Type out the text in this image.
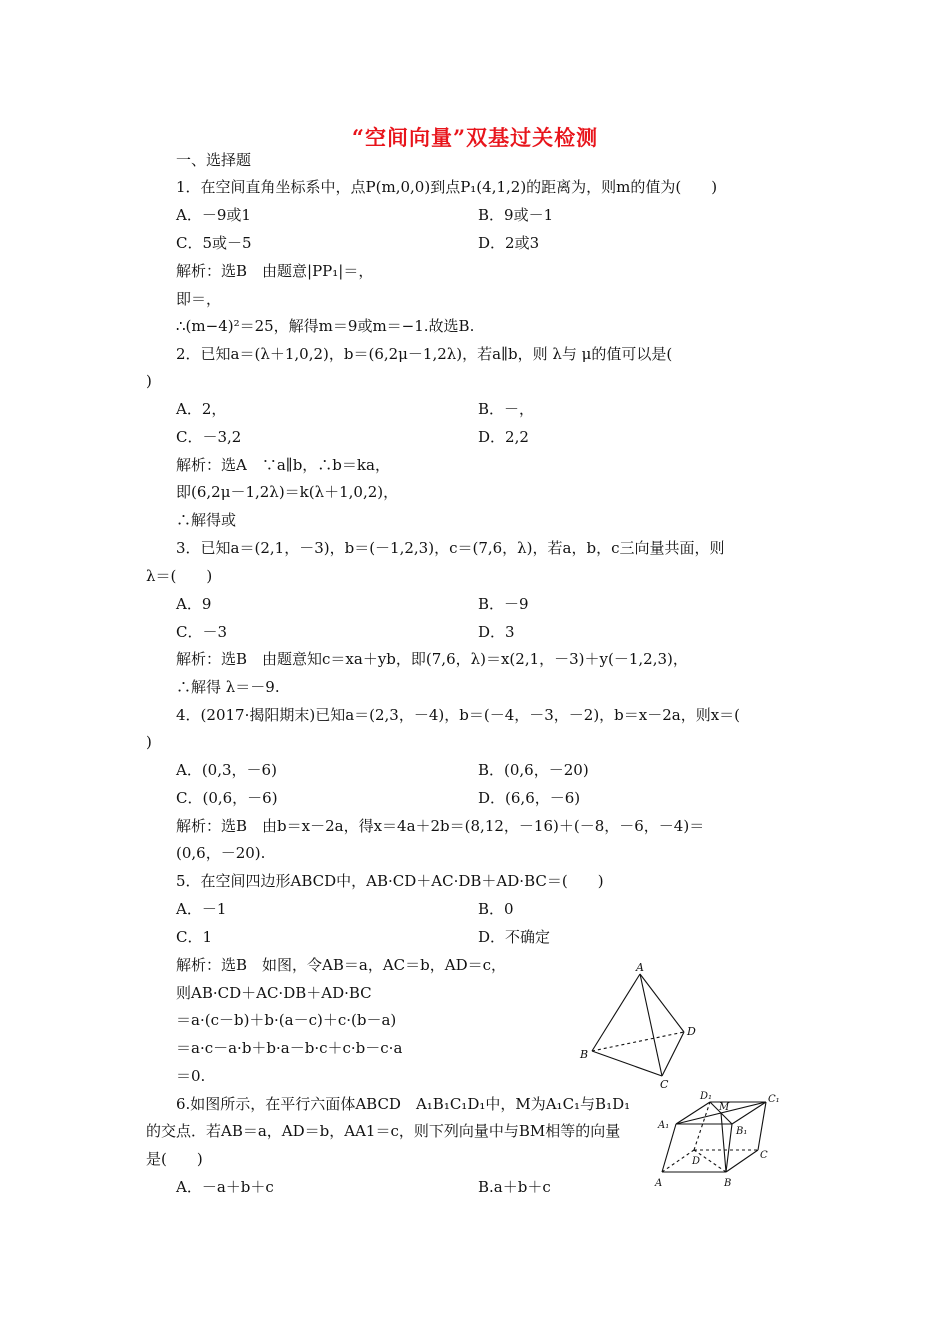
“空间向量”双基过关检测
一、选择题
1．在空间直角坐标系中，点P(m,0,0)到点P₁(4,1,2)的距离为，则m的值为(　　)
A．－9或1	B．9或－1
C．5或－5	D．2或3
解析：选B　由题意|PP₁|＝，
即＝，
∴(m−4)²＝25，解得m＝9或m＝−1.故选B.
2．已知a＝(λ＋1,0,2)，b＝(6,2μ－1,2λ)，若a∥b，则 λ与 μ的值可以是(
)
A．2，	B．－，
C．－3,2	D．2,2
解析：选A　∵a∥b，∴b＝ka，
即(6,2μ－1,2λ)＝k(λ＋1,0,2)，
∴解得或
3．已知a＝(2,1，－3)，b＝(－1,2,3)，c＝(7,6，λ)，若a，b，c三向量共面，则
λ＝(　　)
A．9	B．－9
C．－3	D．3
解析：选B　由题意知c＝xa＋yb，即(7,6，λ)＝x(2,1，－3)＋y(－1,2,3)，
∴解得 λ＝－9.
4．(2017·揭阳期末)已知a＝(2,3，－4)，b＝(－4，－3，－2)，b＝x－2a，则x＝(
)
A．(0,3，－6)	B．(0,6，－20)
C．(0,6，－6)	D．(6,6，－6)
解析：选B　由b＝x－2a，得x＝4a＋2b＝(8,12，－16)＋(－8，－6，－4)＝
(0,6，－20).
5．在空间四边形ABCD中，AB·CD＋AC·DB＋AD·BC＝(　　)
A．－1	B．0
C．1	D．不确定
解析：选B　如图，令AB＝a，AC＝b，AD＝c，
则AB·CD＋AC·DB＋AD·BC
＝a·(c－b)＋b·(a－c)＋c·(b－a)
＝a·c－a·b＋b·a－b·c＋c·b－c·a
＝0.
A
B
C
D
6.如图所示，在平行六面体ABCD　A₁B₁C₁D₁中，M为A₁C₁与B₁D₁
的交点．若AB＝a，AD＝b，AA1＝c，则下列向量中与BM相等的向量
是(　　)
A．－a＋b＋c	B.a＋b＋c	A	B
C
D
A₁
B₁
C₁
D₁
M
